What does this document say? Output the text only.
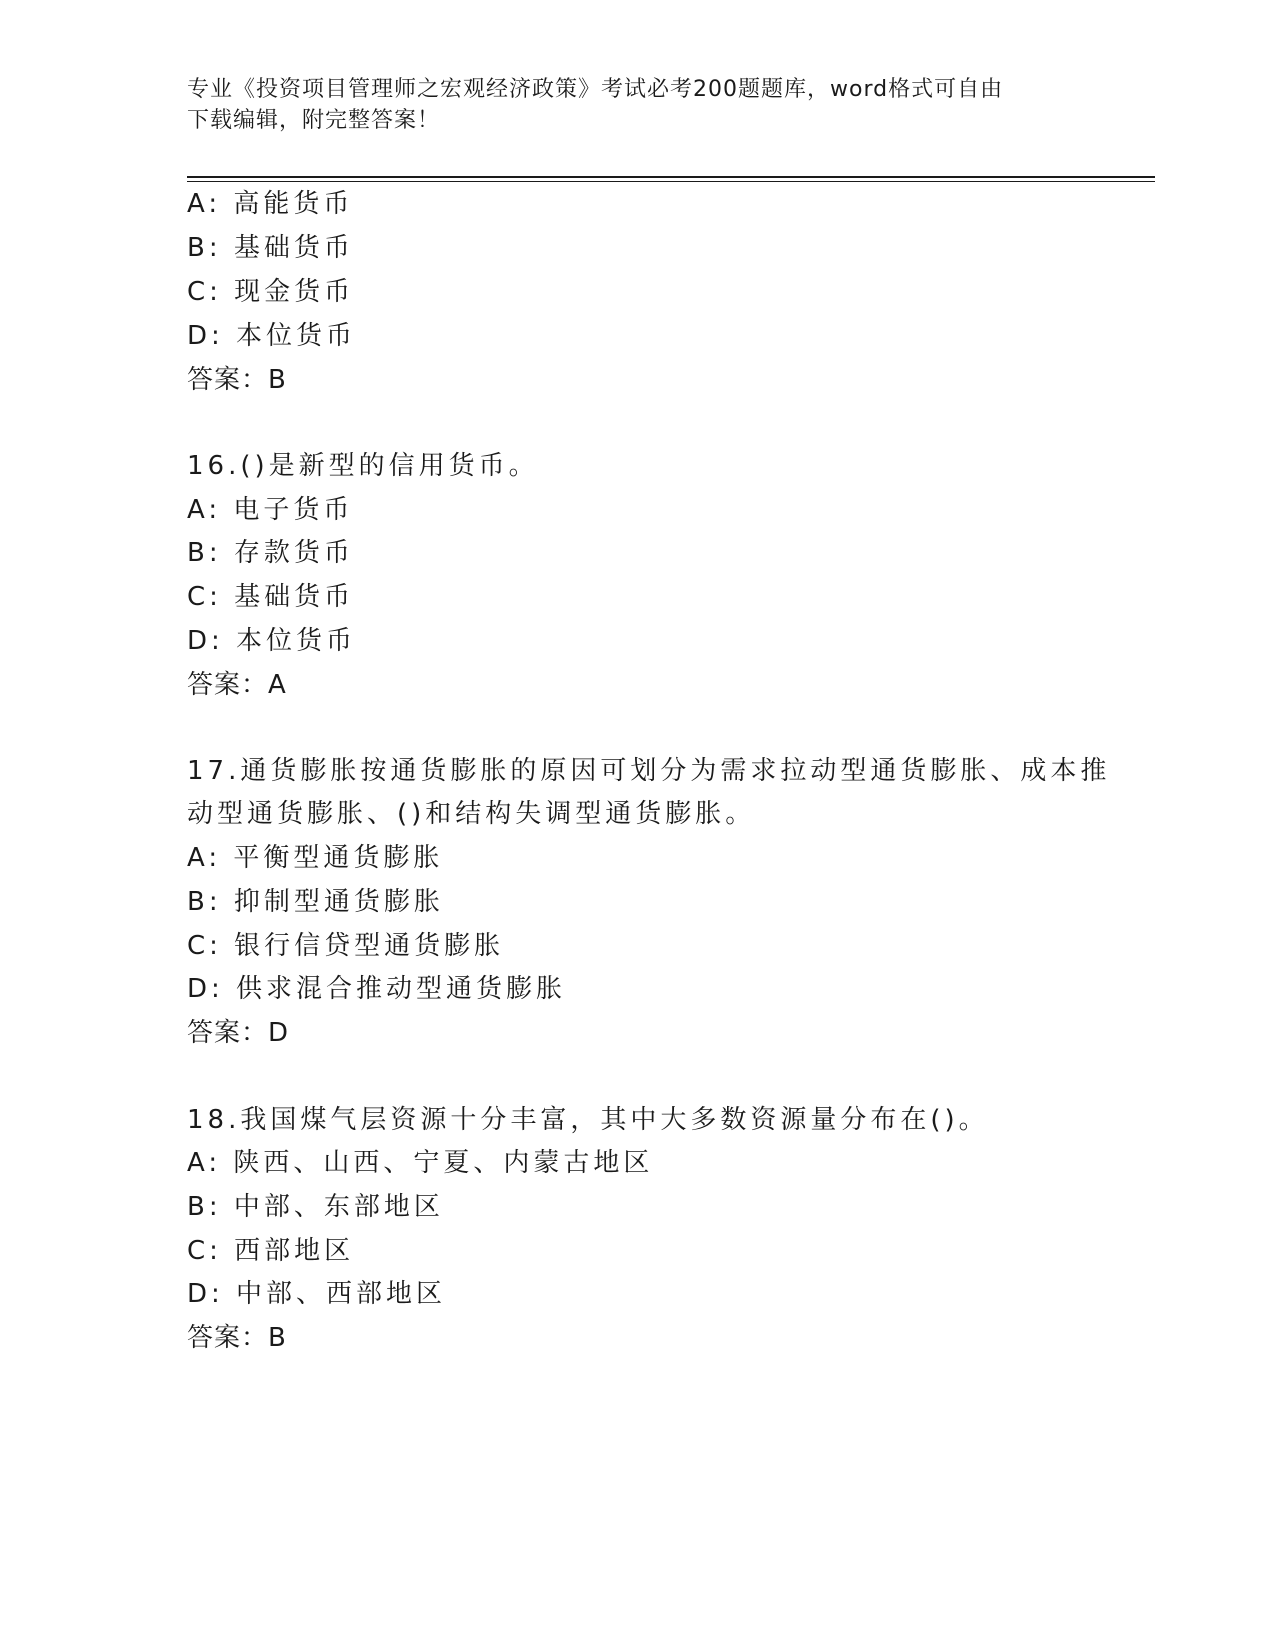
专业《投资项目管理师之宏观经济政策》考试必考200题题库，word格式可自由
下载编辑，附完整答案！
A: 高能货币
B: 基础货币
C: 现金货币
D: 本位货币
答案：B
16.()是新型的信用货币。
A: 电子货币
B: 存款货币
C: 基础货币
D: 本位货币
答案：A
17.通货膨胀按通货膨胀的原因可划分为需求拉动型通货膨胀、成本推
动型通货膨胀、()和结构失调型通货膨胀。
A: 平衡型通货膨胀
B: 抑制型通货膨胀
C: 银行信贷型通货膨胀
D: 供求混合推动型通货膨胀
答案：D
18.我国煤气层资源十分丰富，其中大多数资源量分布在()。
A: 陕西、山西、宁夏、内蒙古地区
B: 中部、东部地区
C: 西部地区
D: 中部、西部地区
答案：B
